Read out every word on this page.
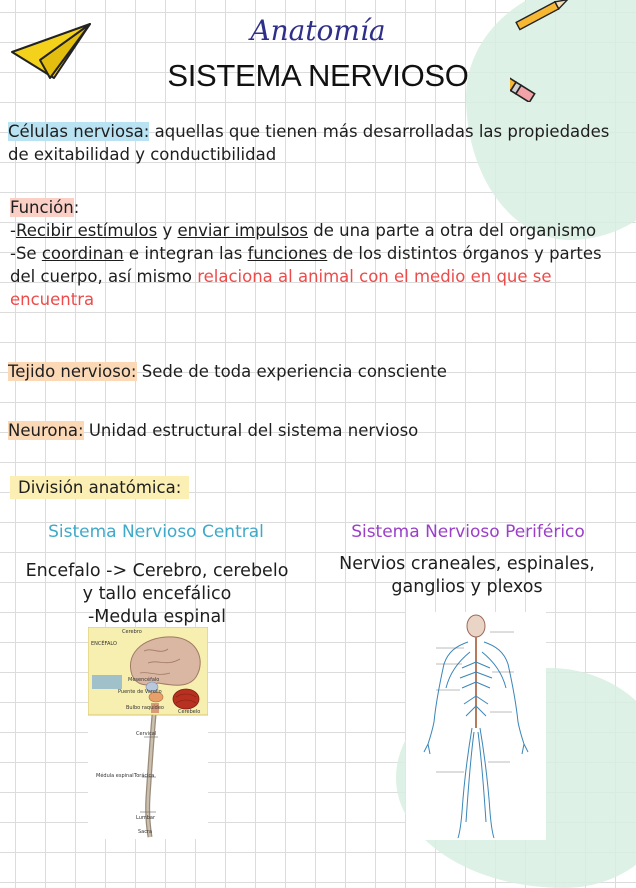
Anatomía
SISTEMA NERVIOSO
Células nerviosa: aquellas que tienen más desarrolladas las propiedades de exitabilidad y conductibilidad
Función:
-Recibir estímulos y enviar impulsos de una parte a otra del organismo
-Se coordinan e integran las funciones de los distintos órganos y partes del cuerpo, así mismo relaciona al animal con el medio en que se encuentra
Tejido nervioso: Sede de toda experiencia consciente
Neurona: Unidad estructural del sistema nervioso
División anatómica:
Sistema Nervioso Central
Encefalo -> Cerebro, cerebelo
y tallo encefálico
-Medula espinal
Sistema Nervioso Periférico
Nervios craneales, espinales,
ganglios y plexos
Cerebro
ENCÉFALO
Mesencéfalo
Puente de Varolio
Bulbo raquídeo
Cerebelo
Cervical
Médula espinal Torácica
Lumbar
Sacra
